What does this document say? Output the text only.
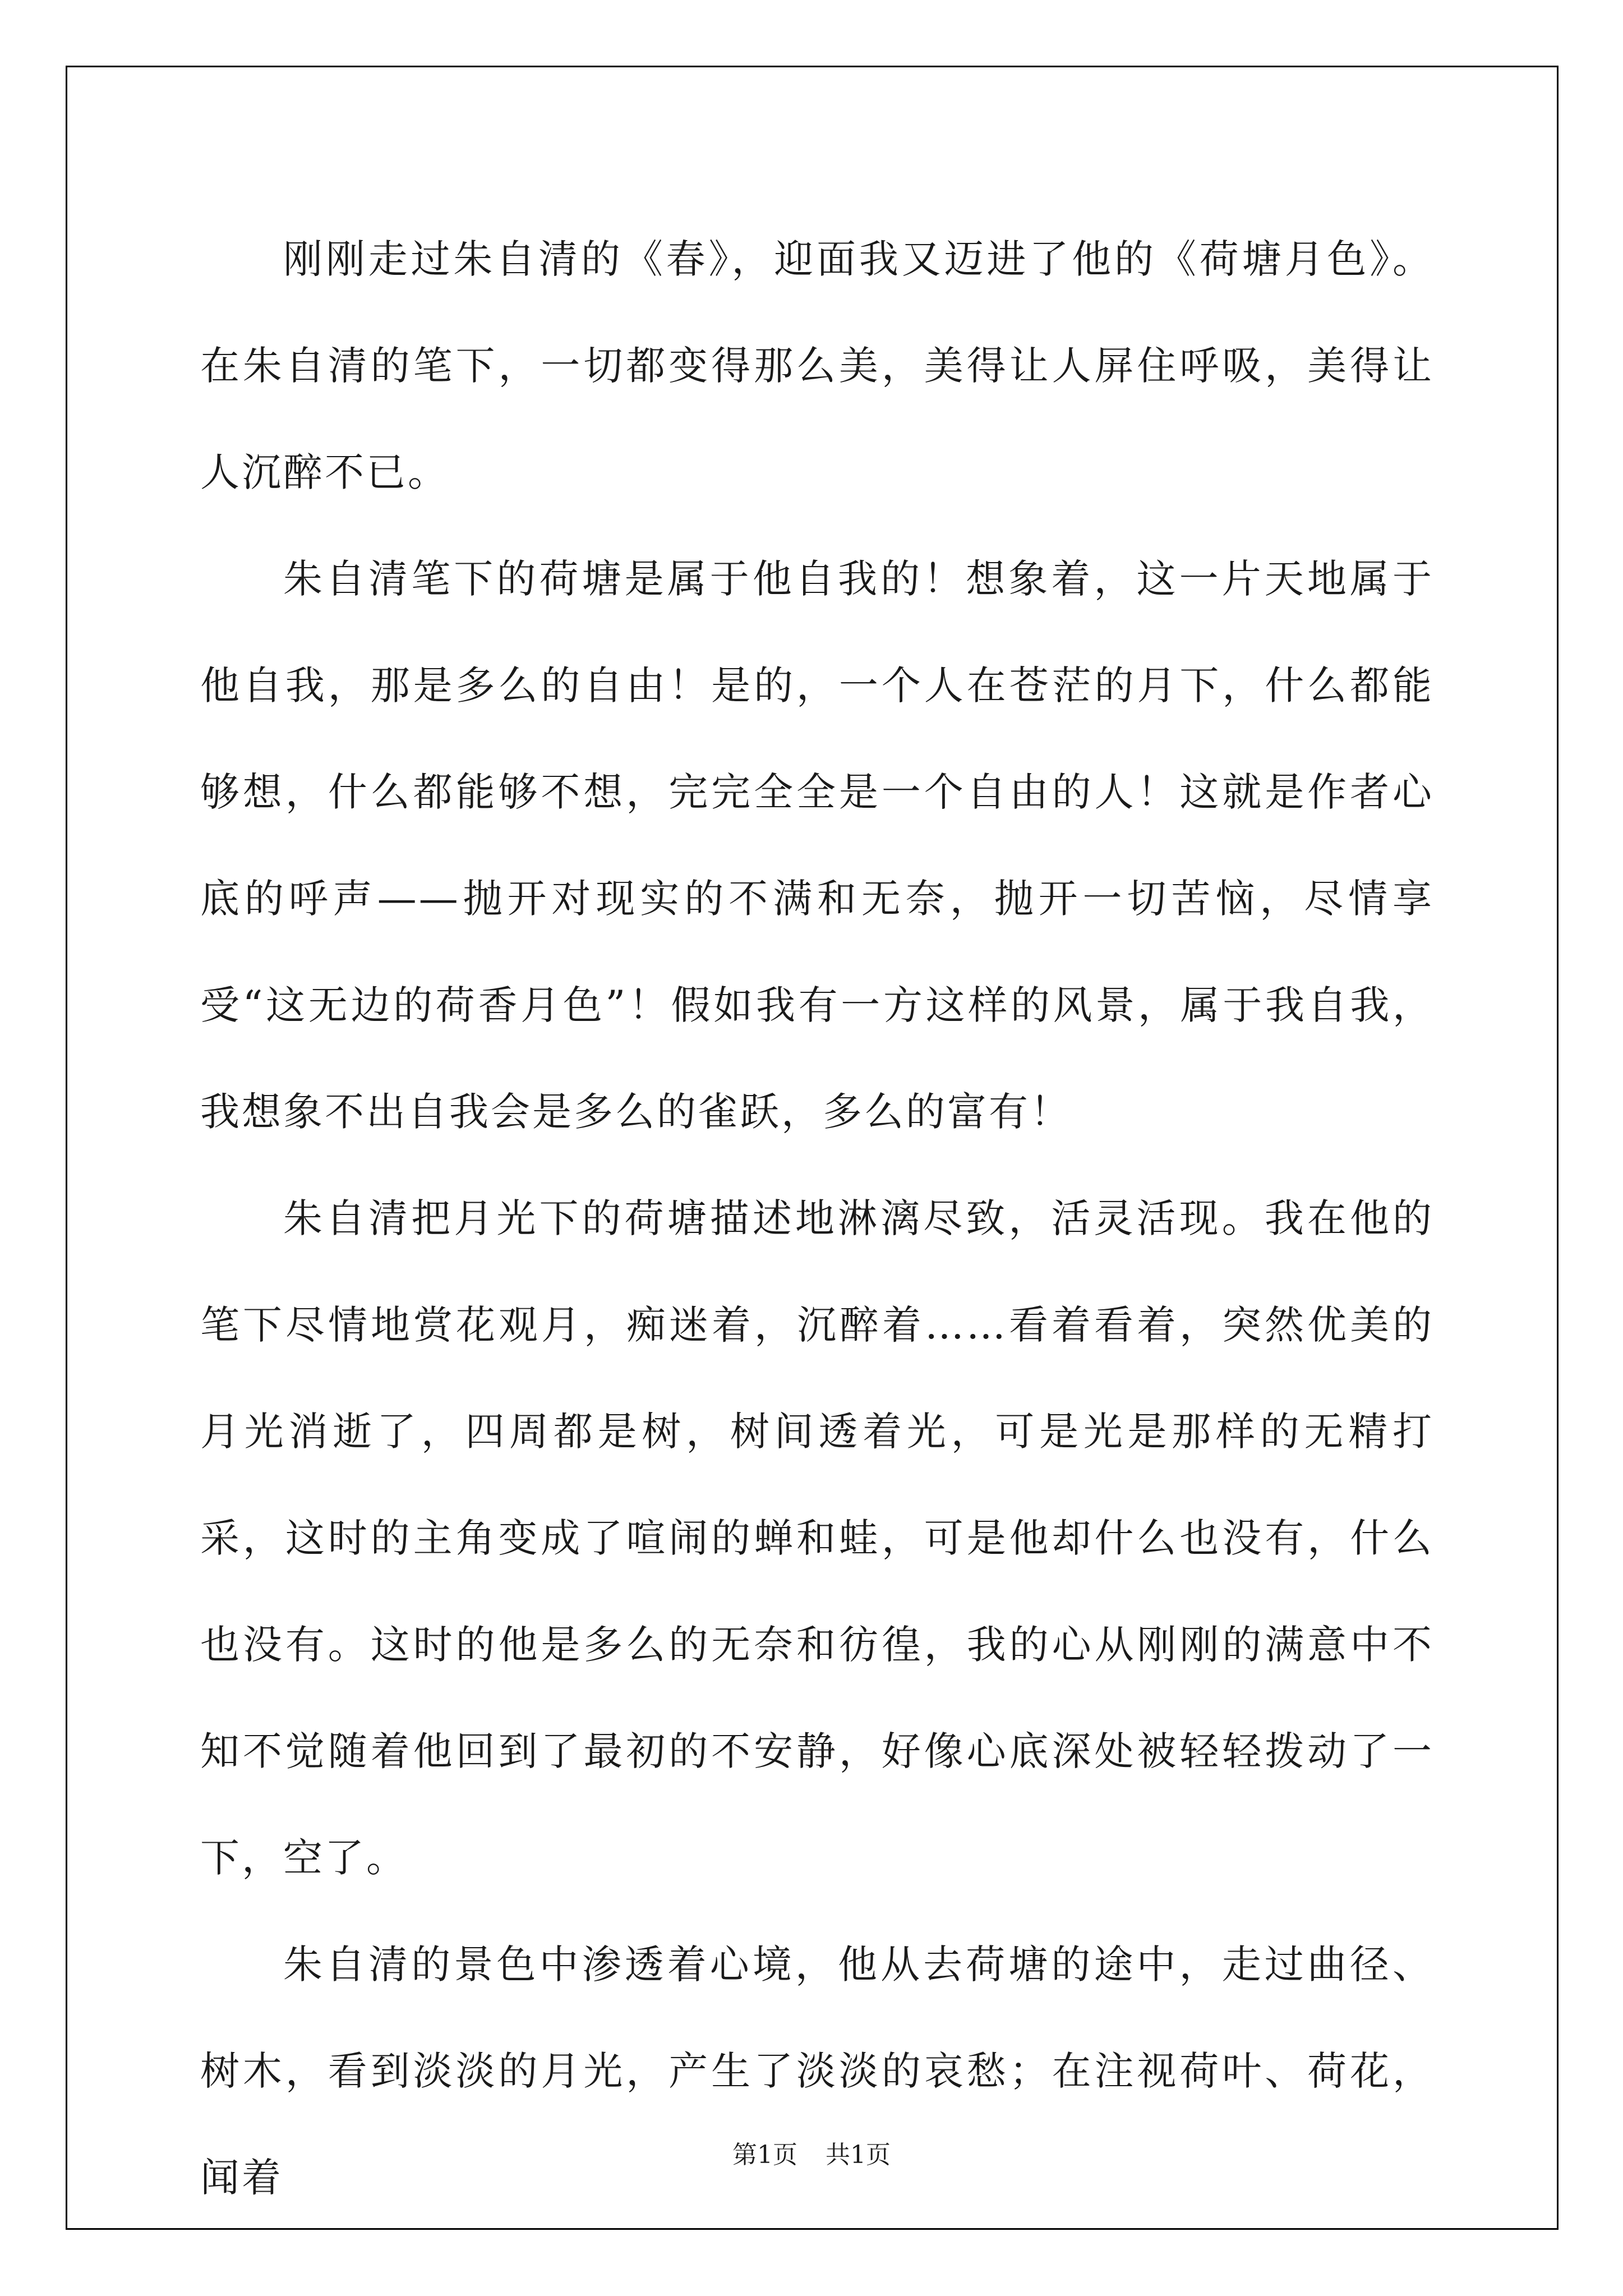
刚刚走过朱自清的《春》，迎面我又迈进了他的《荷塘月色》。在朱自清的笔下，一切都变得那么美，美得让人屏住呼吸，美得让人沉醉不已。

朱自清笔下的荷塘是属于他自我的！想象着，这一片天地属于他自我，那是多么的自由！是的，一个人在苍茫的月下，什么都能够想，什么都能够不想，完完全全是一个自由的人！这就是作者心底的呼声——抛开对现实的不满和无奈，抛开一切苦恼，尽情享受“这无边的荷香月色”！假如我有一方这样的风景，属于我自我，我想象不出自我会是多么的雀跃，多么的富有！

朱自清把月光下的荷塘描述地淋漓尽致，活灵活现。我在他的笔下尽情地赏花观月，痴迷着，沉醉着……看着看着，突然优美的月光消逝了，四周都是树，树间透着光，可是光是那样的无精打采，这时的主角变成了喧闹的蝉和蛙，可是他却什么也没有，什么也没有。这时的他是多么的无奈和彷徨，我的心从刚刚的满意中不知不觉随着他回到了最初的不安静，好像心底深处被轻轻拨动了一下，空了。

朱自清的景色中渗透着心境，他从去荷塘的途中，走过曲径、树木，看到淡淡的月光，产生了淡淡的哀愁；在注视荷叶、荷花，闻着	第1页 共1页
